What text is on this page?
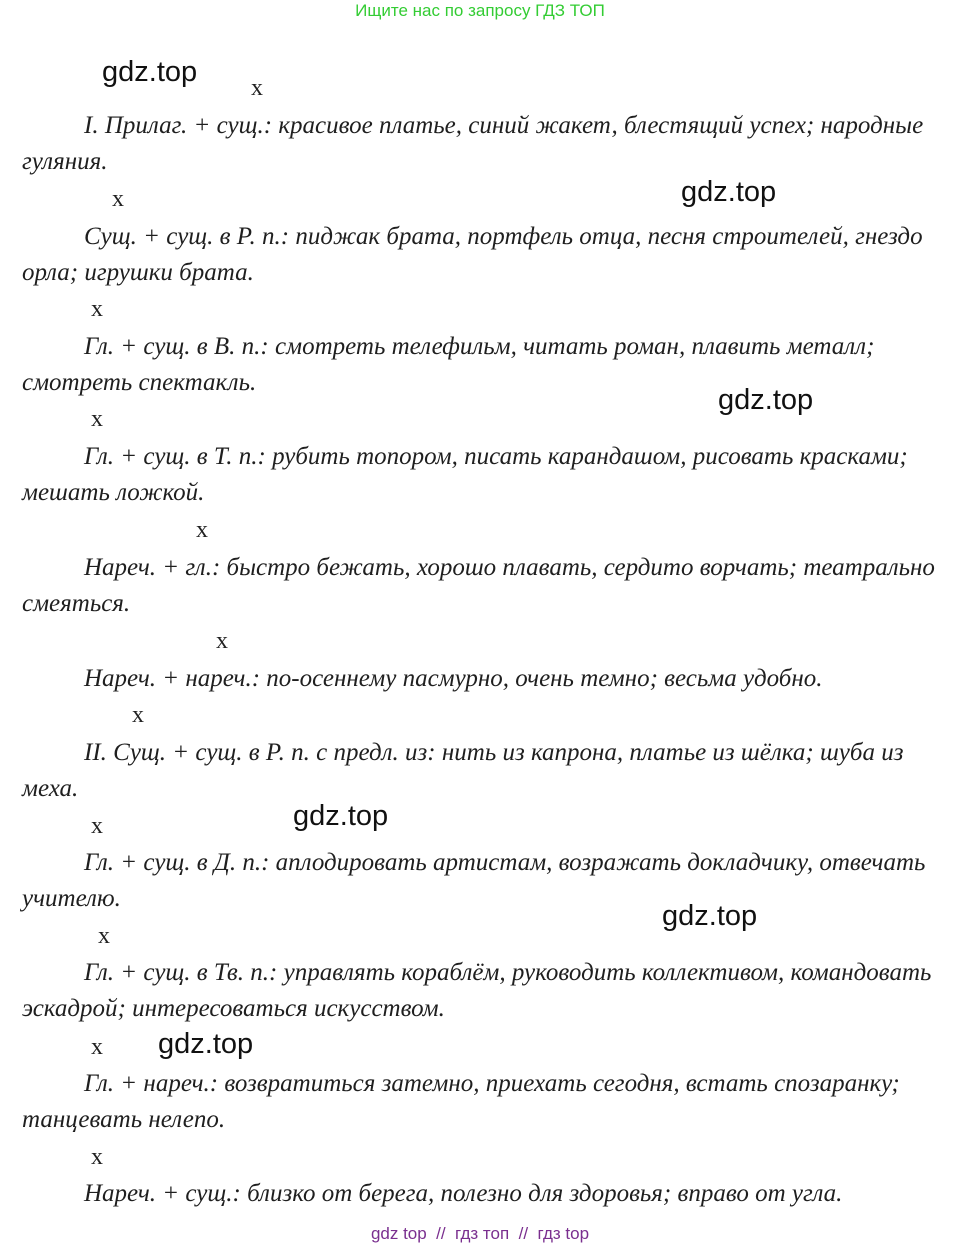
Ищите нас по запросу ГДЗ ТОП
gdz.top
gdz.top
gdz.top
gdz.top
gdz.top
gdz.top
x
x
x
x
x
x
x
x
x
x
x
I. Прилаг. + сущ.: красивое платье, синий жакет, блестящий успех; народные гуляния.
Сущ. + сущ. в Р. п.: пиджак брата, портфель отца, песня строителей, гнездо орла; игрушки брата.
Гл. + сущ. в В. п.: смотреть телефильм, читать роман, плавить металл; смотреть спектакль.
Гл. + сущ. в Т. п.: рубить топором, писать карандашом, рисовать красками; мешать ложкой.
Нареч. + гл.: быстро бежать, хорошо плавать, сердито ворчать; театрально смеяться.
Нареч. + нареч.: по-осеннему пасмурно, очень темно; весьма удобно.
II. Сущ. + сущ. в Р. п. с предл. из: нить из капрона, платье из шёлка; шуба из меха.
Гл. + сущ. в Д. п.: аплодировать артистам, возражать докладчику, отвечать учителю.
Гл. + сущ. в Тв. п.: управлять кораблём, руководить коллективом, командовать эскадрой; интересоваться искусством.
Гл. + нареч.: возвратиться затемно, приехать сегодня, встать спозаранку; танцевать нелепо.
Нареч. + сущ.: близко от берега, полезно для здоровья; вправо от угла.
gdz top  //  гдз топ  //  гдз top
